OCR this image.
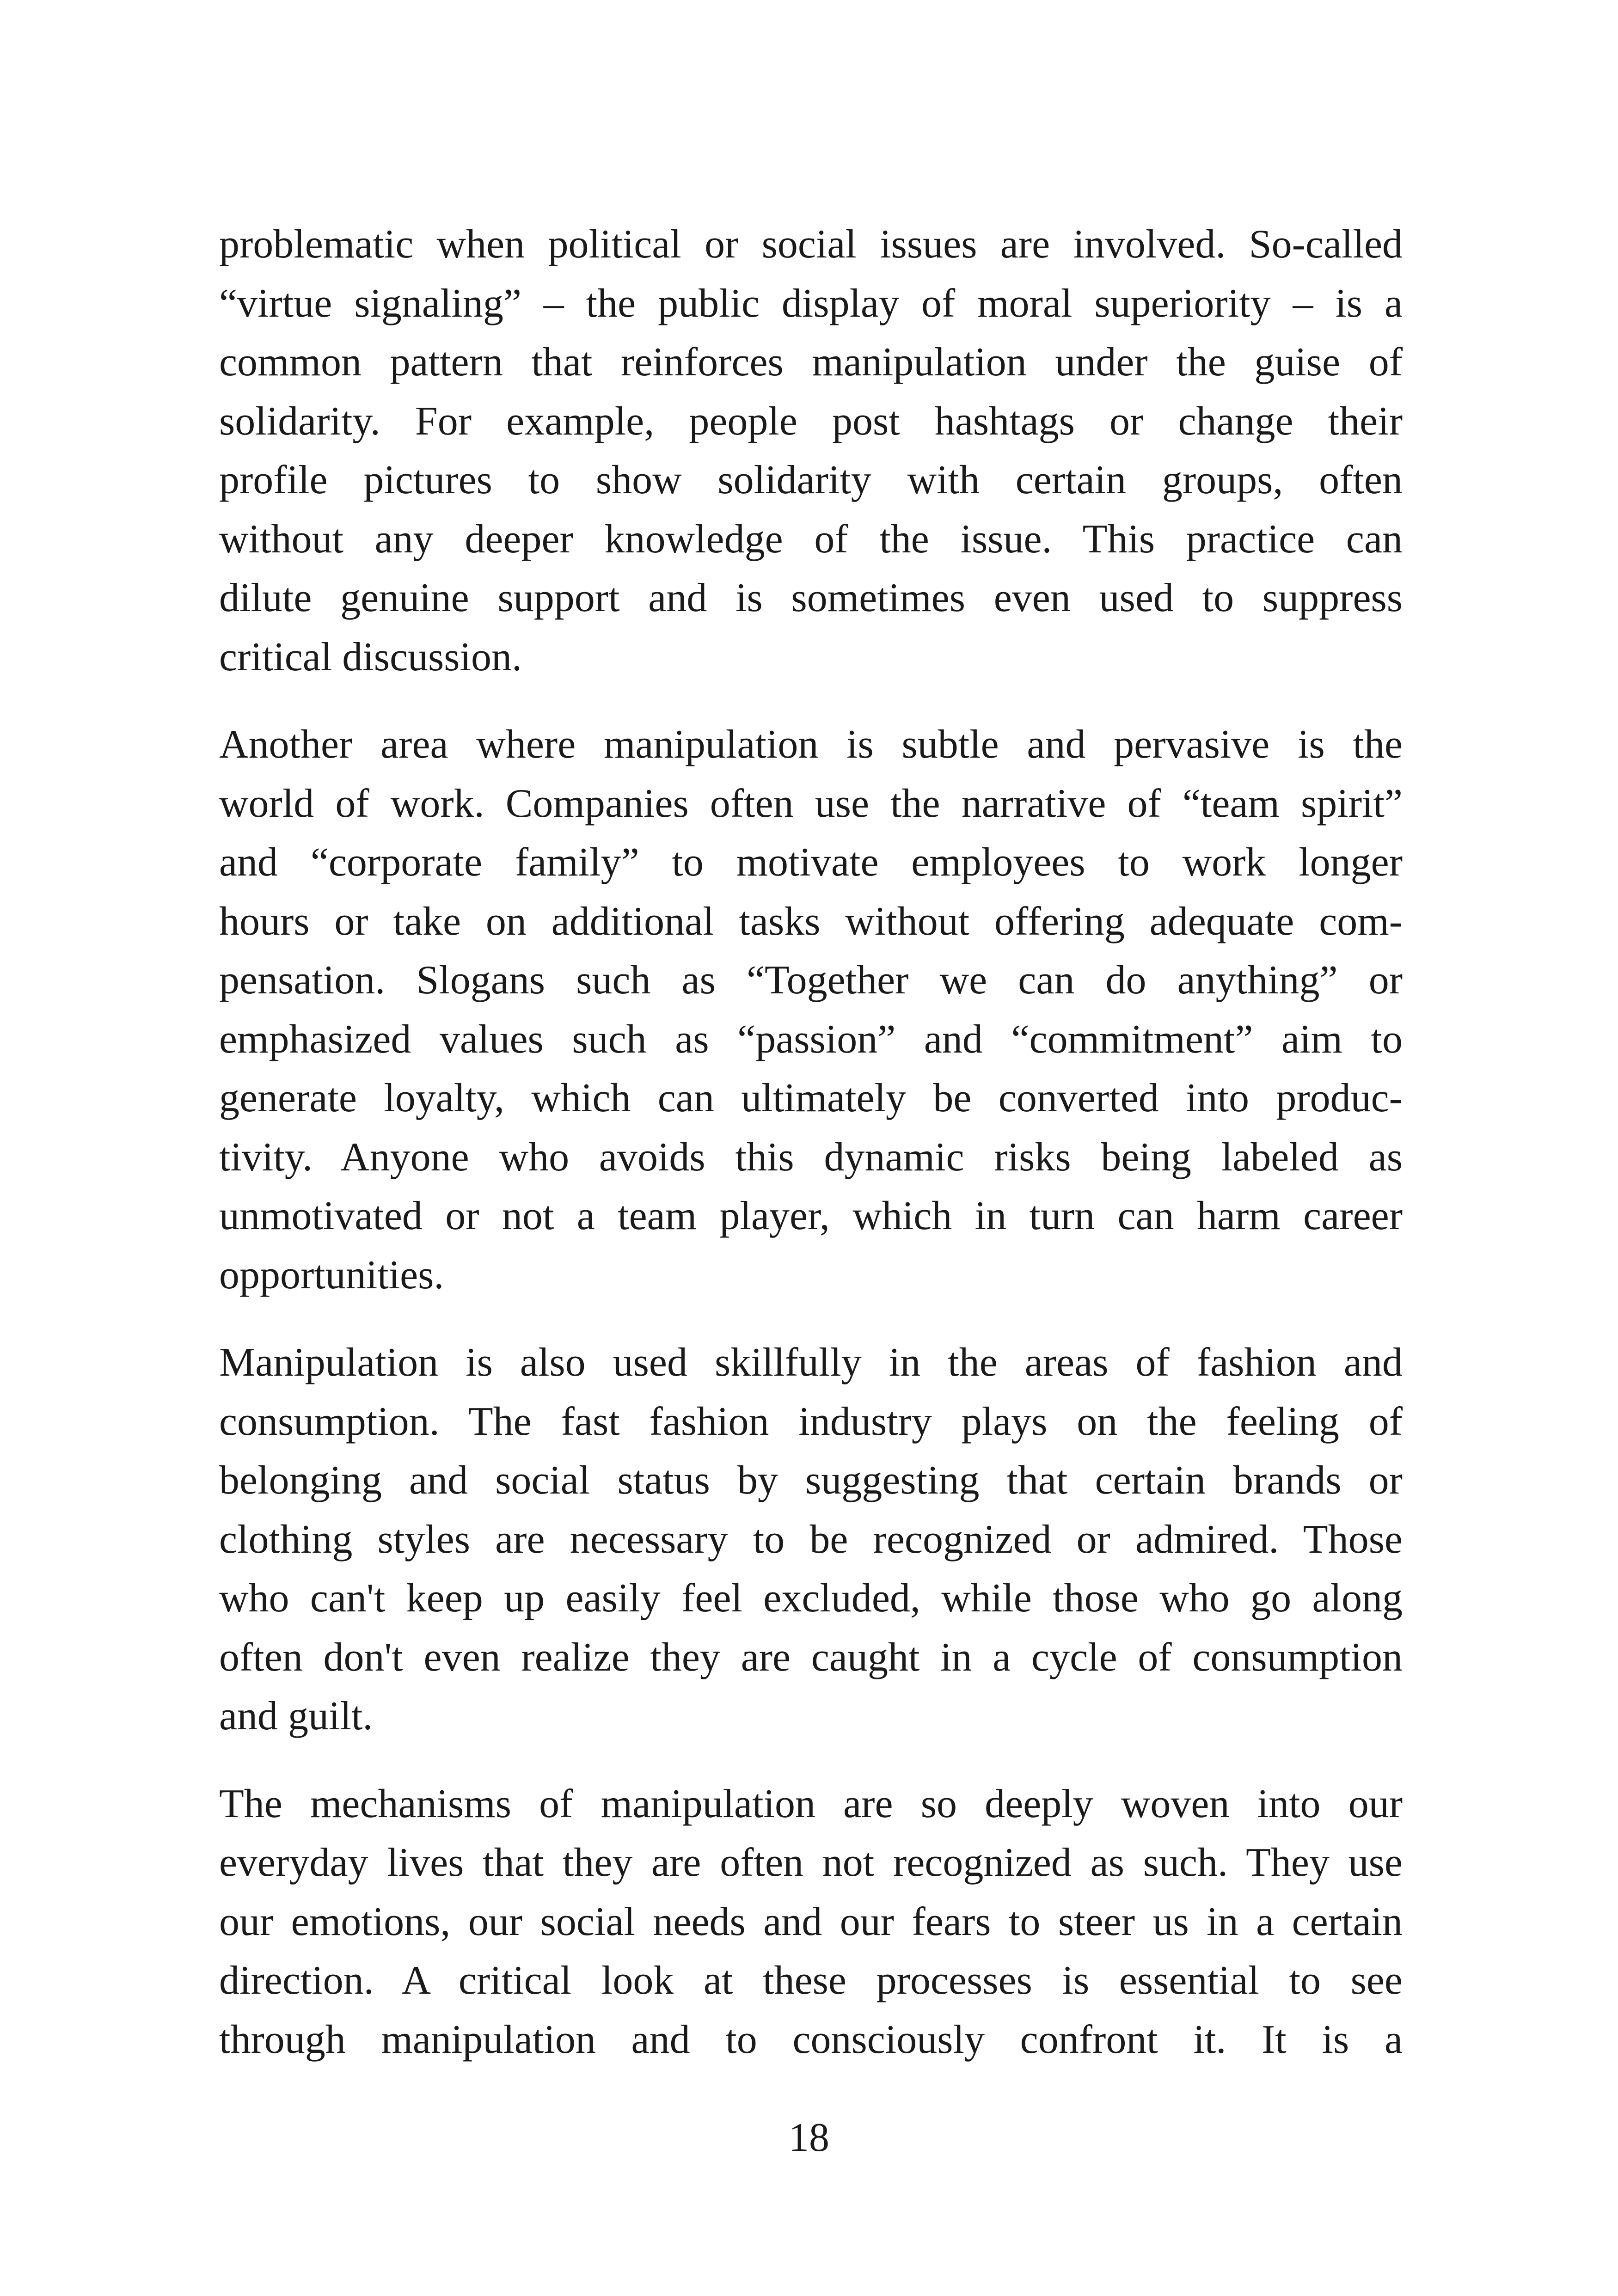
problematic when political or social issues are involved. So-called
“virtue signaling” – the public display of moral superiority – is a
common pattern that reinforces manipulation under the guise of
solidarity. For example, people post hashtags or change their
profile pictures to show solidarity with certain groups, often
without any deeper knowledge of the issue. This practice can
dilute genuine support and is sometimes even used to suppress
critical discussion.
Another area where manipulation is subtle and pervasive is the
world of work. Companies often use the narrative of “team spirit”
and “corporate family” to motivate employees to work longer
hours or take on additional tasks without offering adequate com-
pensation. Slogans such as “Together we can do anything” or
emphasized values such as “passion” and “commitment” aim to
generate loyalty, which can ultimately be converted into produc-
tivity. Anyone who avoids this dynamic risks being labeled as
unmotivated or not a team player, which in turn can harm career
opportunities.
Manipulation is also used skillfully in the areas of fashion and
consumption. The fast fashion industry plays on the feeling of
belonging and social status by suggesting that certain brands or
clothing styles are necessary to be recognized or admired. Those
who can't keep up easily feel excluded, while those who go along
often don't even realize they are caught in a cycle of consumption
and guilt.
The mechanisms of manipulation are so deeply woven into our
everyday lives that they are often not recognized as such. They use
our emotions, our social needs and our fears to steer us in a certain
direction. A critical look at these processes is essential to see
through manipulation and to consciously confront it. It is a
18
